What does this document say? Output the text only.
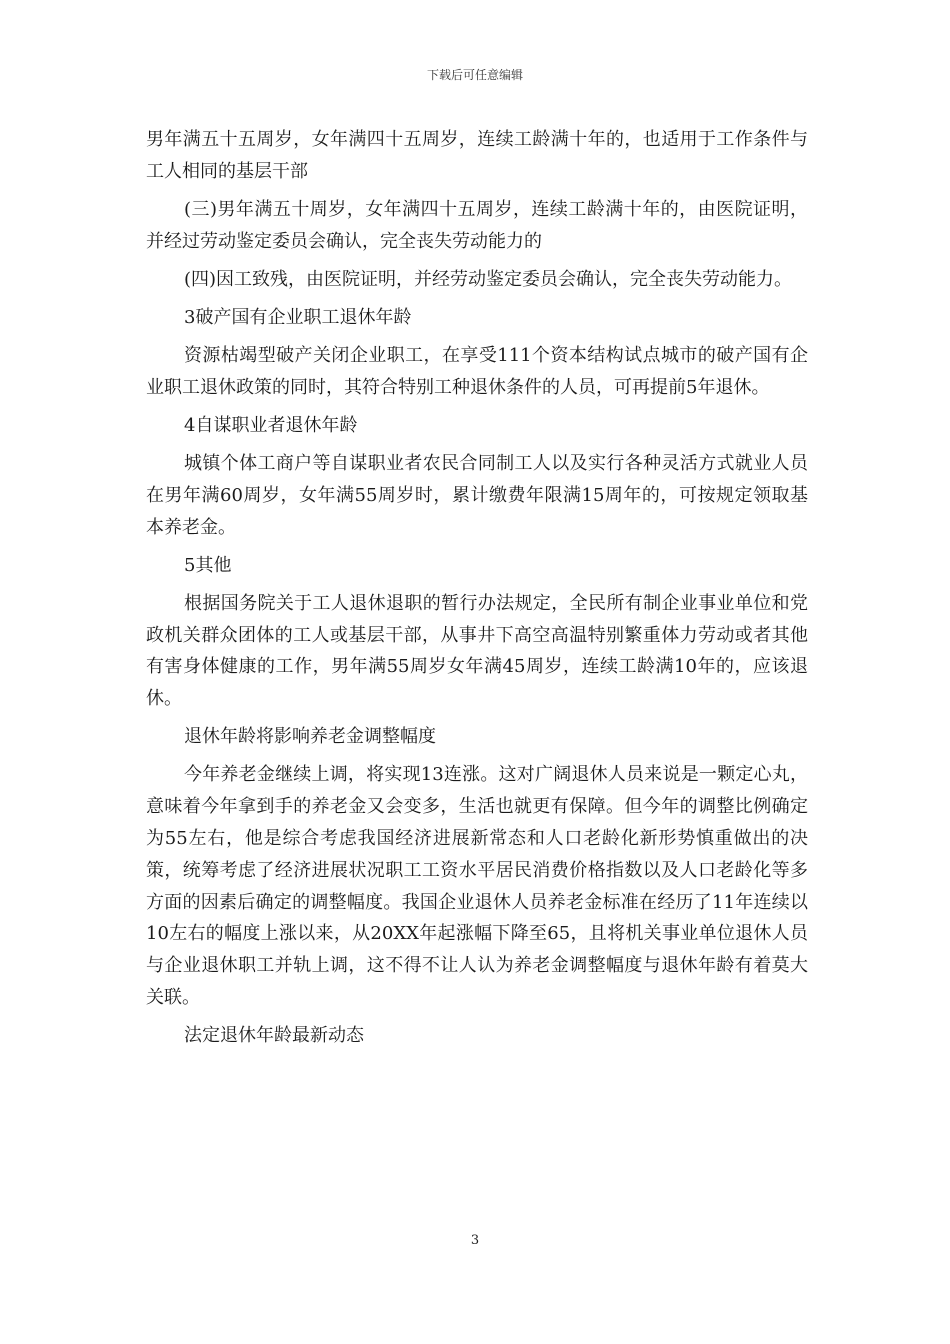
下载后可任意编辑

男年满五十五周岁，女年满四十五周岁，连续工龄满十年的，也适用于工作条件与工人相同的基层干部

(三)男年满五十周岁，女年满四十五周岁，连续工龄满十年的，由医院证明，并经过劳动鉴定委员会确认，完全丧失劳动能力的

(四)因工致残，由医院证明，并经劳动鉴定委员会确认，完全丧失劳动能力。

3破产国有企业职工退休年龄

资源枯竭型破产关闭企业职工，在享受111个资本结构试点城市的破产国有企业职工退休政策的同时，其符合特别工种退休条件的人员，可再提前5年退休。

4自谋职业者退休年龄

城镇个体工商户等自谋职业者农民合同制工人以及实行各种灵活方式就业人员在男年满60周岁，女年满55周岁时，累计缴费年限满15周年的，可按规定领取基本养老金。

5其他

根据国务院关于工人退休退职的暂行办法规定，全民所有制企业事业单位和党政机关群众团体的工人或基层干部，从事井下高空高温特别繁重体力劳动或者其他有害身体健康的工作，男年满55周岁女年满45周岁，连续工龄满10年的，应该退休。

退休年龄将影响养老金调整幅度

今年养老金继续上调，将实现13连涨。这对广阔退休人员来说是一颗定心丸，意味着今年拿到手的养老金又会变多，生活也就更有保障。但今年的调整比例确定为55左右，他是综合考虑我国经济进展新常态和人口老龄化新形势慎重做出的决策，统筹考虑了经济进展状况职工工资水平居民消费价格指数以及人口老龄化等多方面的因素后确定的调整幅度。我国企业退休人员养老金标准在经历了11年连续以10左右的幅度上涨以来，从20XX年起涨幅下降至65，且将机关事业单位退休人员与企业退休职工并轨上调，这不得不让人认为养老金调整幅度与退休年龄有着莫大关联。

法定退休年龄最新动态

3
